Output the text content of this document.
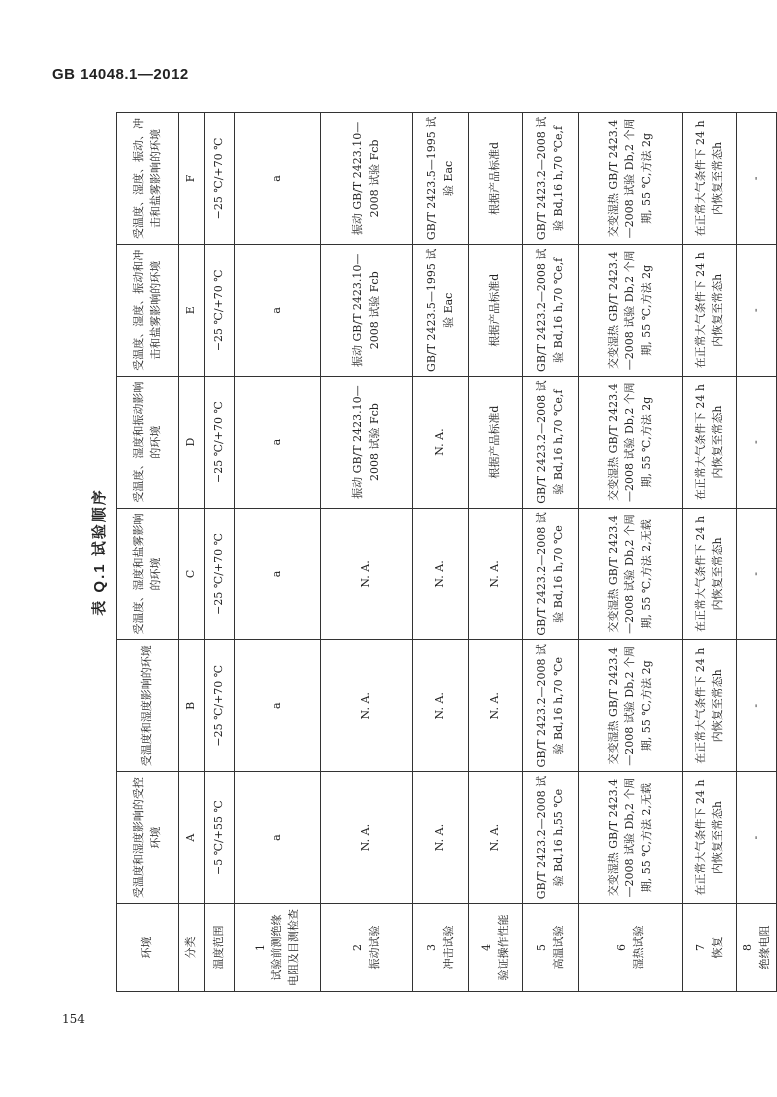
GB 14048.1—2012
154
表 Q.1 试验顺序
环境	受温度和湿度影响的受控环境	受温度和湿度影响的环境	受温度、湿度和盐雾影响的环境	受温度、湿度和振动影响的环境	受温度、湿度、振动和冲击和盐雾影响的环境	受温度、湿度、振动、冲击和盐雾影响的环境
分类	A	B	C	D	E	F
温度范围	−5 ℃/+55 ℃	−25 ℃/+70 ℃	−25 ℃/+70 ℃	−25 ℃/+70 ℃	−25 ℃/+70 ℃	−25 ℃/+70 ℃

1 试验前测绝缘 电阻及目测检查	a	a	a	a	a	a

2 振动试验	N. A.	N. A.	N. A.	振动 GB/T 2423.10—2008 试验 Fcb	振动 GB/T 2423.10—2008 试验 Fcb	振动 GB/T 2423.10—2008 试验 Fcb

3 冲击试验	N. A.	N. A.	N. A.	N. A.	GB/T 2423.5—1995 试验 Eac	GB/T 2423.5—1995 试验 Eac

4 验证操作性能	N. A.	N. A.	N. A.	根据产品标准d	根据产品标准d	根据产品标准d

5 高温试验	GB/T 2423.2—2008 试验 Bd,16 h,55 ℃e	GB/T 2423.2—2008 试验 Bd,16 h,70 ℃e	GB/T 2423.2—2008 试验 Bd,16 h,70 ℃e	GB/T 2423.2—2008 试验 Bd,16 h,70 ℃e,f	GB/T 2423.2—2008 试验 Bd,16 h,70 ℃e,f	GB/T 2423.2—2008 试验 Bd,16 h,70 ℃e,f

6 湿热试验	交变湿热 GB/T 2423.4—2008 试验 Db,2 个周期, 55 ℃,方法 2,无载	交变湿热 GB/T 2423.4—2008 试验 Db,2 个周期, 55 ℃,方法 2g	交变湿热 GB/T 2423.4—2008 试验 Db,2 个周期, 55 ℃,方法 2,无载	交变湿热 GB/T 2423.4—2008 试验 Db,2 个周期, 55 ℃,方法 2g	交变湿热 GB/T 2423.4—2008 试验 Db,2 个周期, 55 ℃,方法 2g	交变湿热 GB/T 2423.4—2008 试验 Db,2 个周期, 55 ℃,方法 2g

7 恢复	在正常大气条件下 24 h 内恢复至常态h	在正常大气条件下 24 h 内恢复至常态h	在正常大气条件下 24 h 内恢复至常态h	在正常大气条件下 24 h 内恢复至常态h	在正常大气条件下 24 h 内恢复至常态h	在正常大气条件下 24 h 内恢复至常态h

8 绝缘电阻	-	-	-	-	-	-
